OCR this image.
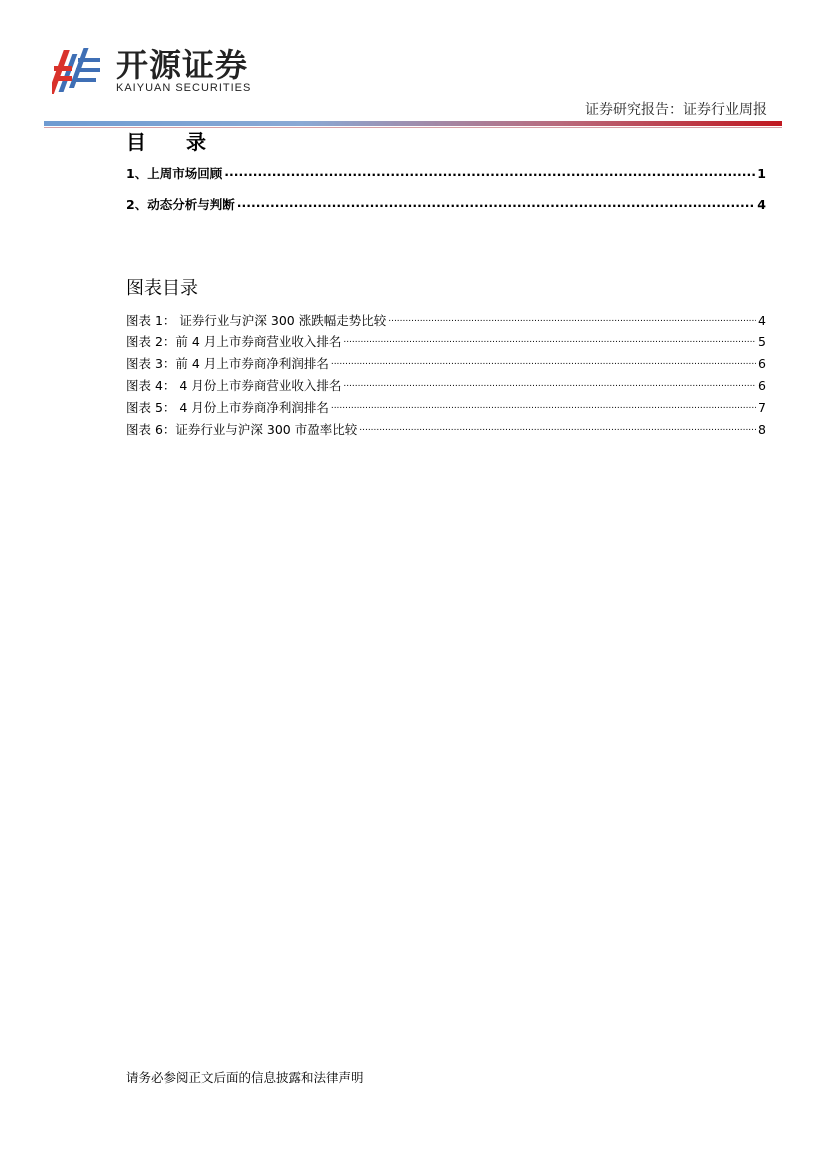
开源证券
KAIYUAN SECURITIES
证券研究报告：证券行业周报
目 录
1、上周市场回顾 .....	1
2、动态分析与判断 .....	4
图表目录
图表 1： 证券行业与沪深 300 涨跌幅走势比较 .....	4
图表 2：前 4 月上市券商营业收入排名 .....	5
图表 3：前 4 月上市券商净利润排名 .....	6
图表 4： 4 月份上市券商营业收入排名 .....	6
图表 5： 4 月份上市券商净利润排名 .....	7
图表 6：证券行业与沪深 300 市盈率比较 .....	8
请务必参阅正文后面的信息披露和法律声明
